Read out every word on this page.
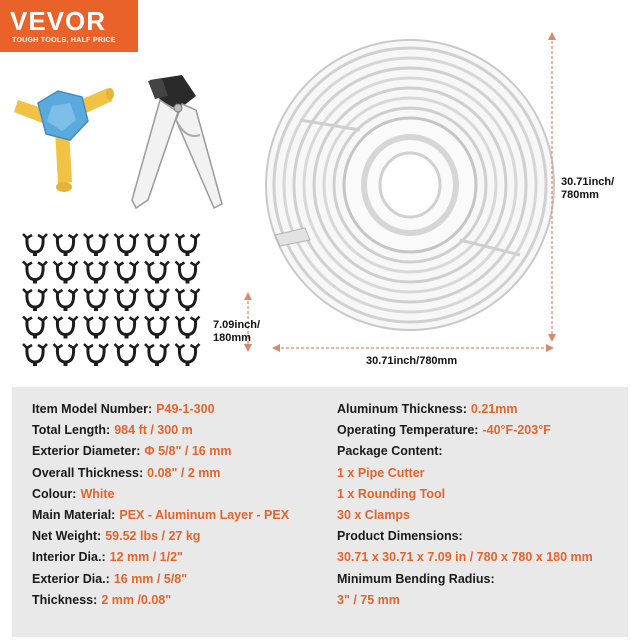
VEVOR
TOUGH TOOLS, HALF PRICE
30.71inch/
780mm
7.09inch/
180mm
30.71inch/780mm
Item Model Number: P49-1-300
Total Length: 984 ft / 300 m
Exterior Diameter: Φ 5/8" / 16 mm
Overall Thickness: 0.08" / 2 mm
Colour: White
Main Material: PEX - Aluminum Layer - PEX
Net Weight: 59.52 lbs / 27 kg
Interior Dia.: 12 mm / 1/2"
Exterior Dia.: 16 mm / 5/8"
Thickness: 2 mm /0.08"
Aluminum Thickness: 0.21mm
Operating Temperature: -40°F-203°F
Package Content:
1 x Pipe Cutter
1 x Rounding Tool
30 x Clamps
Product Dimensions:
30.71 x 30.71 x 7.09 in / 780 x 780 x 180 mm
Minimum Bending Radius:
3" / 75 mm
